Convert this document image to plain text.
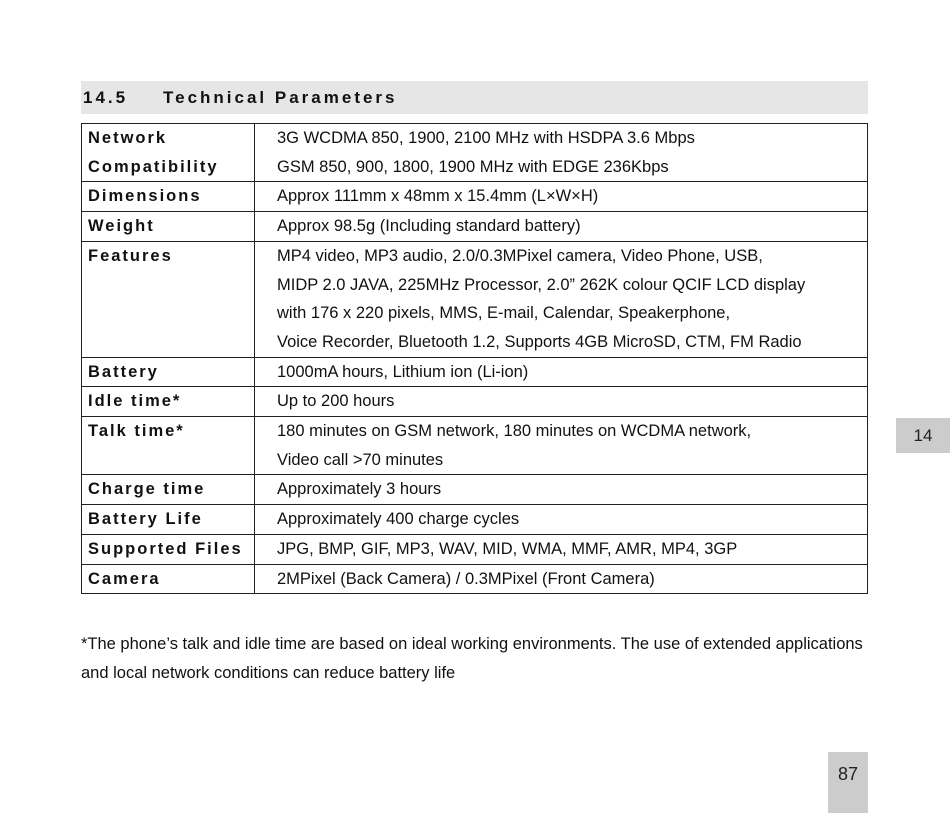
14.5	Technical Parameters
Network
Compatibility	3G WCDMA 850, 1900, 2100 MHz with HSDPA 3.6 Mbps
GSM 850, 900, 1800, 1900 MHz with EDGE 236Kbps

Dimensions	Approx 111mm x 48mm x 15.4mm (L×W×H)

Weight	Approx 98.5g (Including standard battery)

Features	MP4 video, MP3 audio, 2.0/0.3MPixel camera, Video Phone, USB,
MIDP 2.0 JAVA, 225MHz Processor, 2.0” 262K colour QCIF LCD display
with 176 x 220 pixels, MMS, E-mail, Calendar, Speakerphone,
Voice Recorder, Bluetooth 1.2, Supports 4GB MicroSD, CTM, FM Radio

Battery	1000mA hours, Lithium ion (Li-ion)

Idle time*	Up to 200 hours

Talk time*	180 minutes on GSM network, 180 minutes on WCDMA network,
Video call >70 minutes

Charge time	Approximately 3 hours

Battery Life	Approximately 400 charge cycles

Supported Files	JPG, BMP, GIF, MP3, WAV, MID, WMA, MMF, AMR, MP4, 3GP

Camera	2MPixel (Back Camera) / 0.3MPixel (Front Camera)
*The phone’s talk and idle time are based on ideal working environments. The use of extended applications and local network conditions can reduce battery life
14
87
